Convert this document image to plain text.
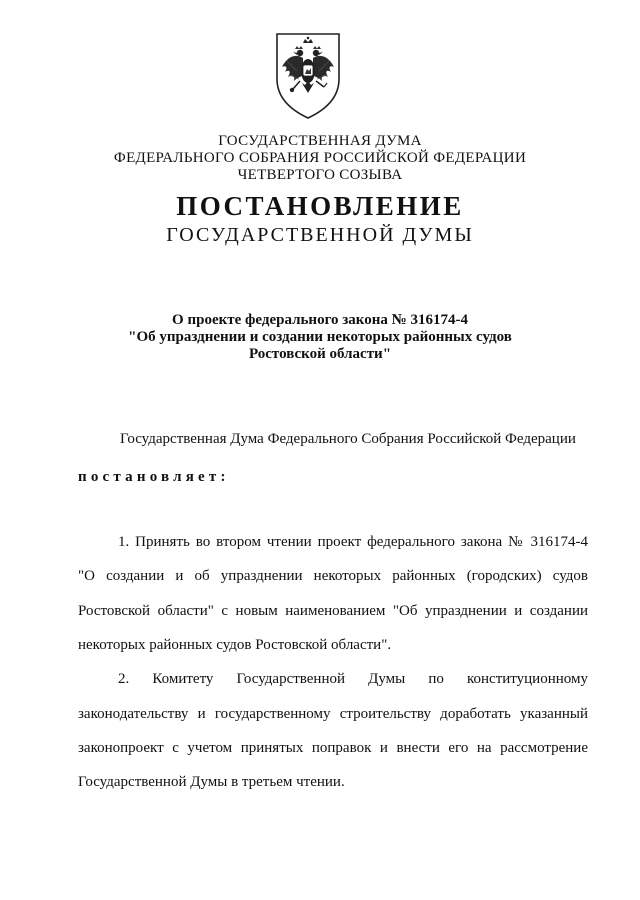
ГОСУДАРСТВЕННАЯ ДУМА
ФЕДЕРАЛЬНОГО СОБРАНИЯ РОССИЙСКОЙ ФЕДЕРАЦИИ
ЧЕТВЕРТОГО СОЗЫВА
ПОСТАНОВЛЕНИЕ
ГОСУДАРСТВЕННОЙ ДУМЫ
О проекте федерального закона № 316174-4
"Об упразднении и создании некоторых районных судов
Ростовской области"
Государственная Дума Федерального Собрания Российской Федерации
постановляет:
1. Принять во втором чтении проект федерального закона № 316174-4
"О создании и об упразднении некоторых районных (городских) судов
Ростовской области" с новым наименованием "Об упразднении и создании
некоторых районных судов Ростовской области".
2. Комитету Государственной Думы по конституционному
законодательству и государственному строительству доработать указанный
законопроект с учетом принятых поправок и внести его на рассмотрение
Государственной Думы в третьем чтении.
